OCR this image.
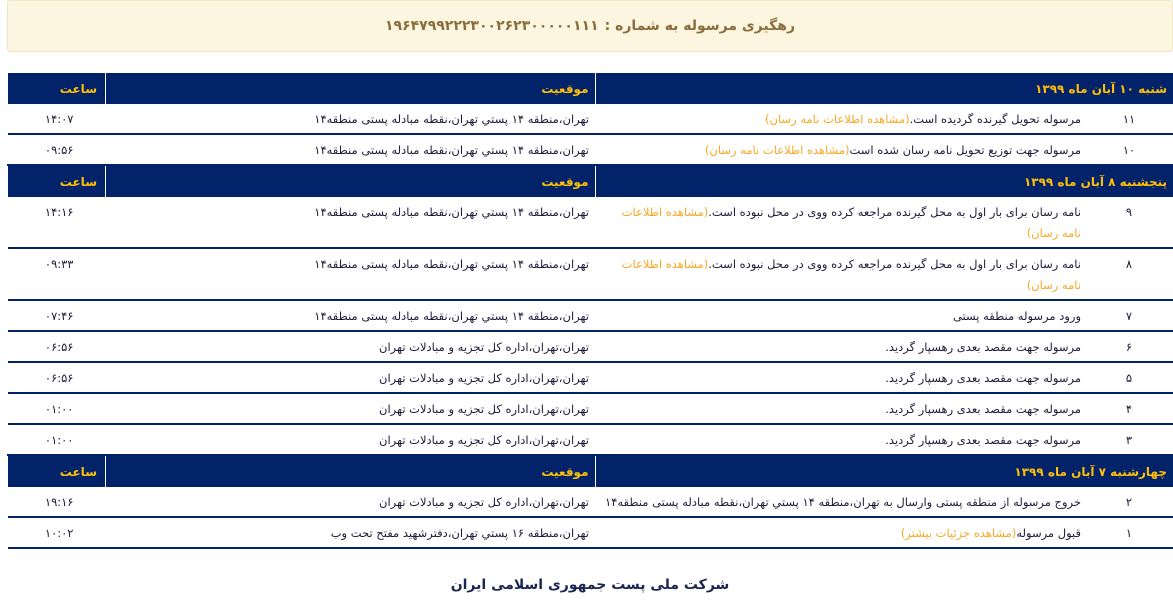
رهگیری مرسوله به شماره :
۱۹۶۴۷۹۹۲۲۲۳۰۰۲۶۲۳۰۰۰۰۰۱۱۱
شنبه ۱۰ آبان ماه ۱۳۹۹		موقعیت	ساعت
۱۱	مرسوله تحویل گیرنده گردیده است.(مشاهده اطلاعات نامه رسان)	تهران،منطقه ۱۴ پستي تهران،نقطه مبادله پستی منطقه۱۴	۱۴:۰۷
۱۰	مرسوله جهت توزیع تحویل نامه رسان شده است(مشاهده اطلاعات نامه رسان)	تهران،منطقه ۱۴ پستي تهران،نقطه مبادله پستی منطقه۱۴	۰۹:۵۶
پنجشنبه ۸ آبان ماه ۱۳۹۹		موقعیت	ساعت
۹	نامه رسان برای بار اول به محل گیرنده مراجعه کرده ووی در محل نبوده است.(مشاهده اطلاعات نامه رسان)	تهران،منطقه ۱۴ پستي تهران،نقطه مبادله پستی منطقه۱۴	۱۴:۱۶
۸	نامه رسان برای بار اول به محل گیرنده مراجعه کرده ووی در محل نبوده است.(مشاهده اطلاعات نامه رسان)	تهران،منطقه ۱۴ پستي تهران،نقطه مبادله پستی منطقه۱۴	۰۹:۳۳
۷	ورود مرسوله منطقه پستی	تهران،منطقه ۱۴ پستي تهران،نقطه مبادله پستی منطقه۱۴	۰۷:۴۶
۶	مرسوله جهت مقصد بعدی رهسپار گردید.	تهران،تهران،اداره کل تجزیه و مبادلات تهران	۰۶:۵۶
۵	مرسوله جهت مقصد بعدی رهسپار گردید.	تهران،تهران،اداره کل تجزیه و مبادلات تهران	۰۶:۵۶
۴	مرسوله جهت مقصد بعدی رهسپار گردید.	تهران،تهران،اداره کل تجزیه و مبادلات تهران	۰۱:۰۰
۳	مرسوله جهت مقصد بعدی رهسپار گردید.	تهران،تهران،اداره کل تجزیه و مبادلات تهران	۰۱:۰۰
چهارشنبه ۷ آبان ماه ۱۳۹۹		موقعیت	ساعت
۲	خروج مرسوله از منطقه پستی وارسال به تهران،منطقه ۱۴ پستي تهران،نقطه مبادله پستی منطقه۱۴	تهران،تهران،اداره کل تجزیه و مبادلات تهران	۱۹:۱۶
۱	قبول مرسوله(مشاهده جزئیات بیشتر)	تهران،منطقه ۱۶ پستي تهران،دفترشهيد مفتح تحت وب	۱۰:۰۲
شرکت ملی پست جمهوری اسلامی ایران
